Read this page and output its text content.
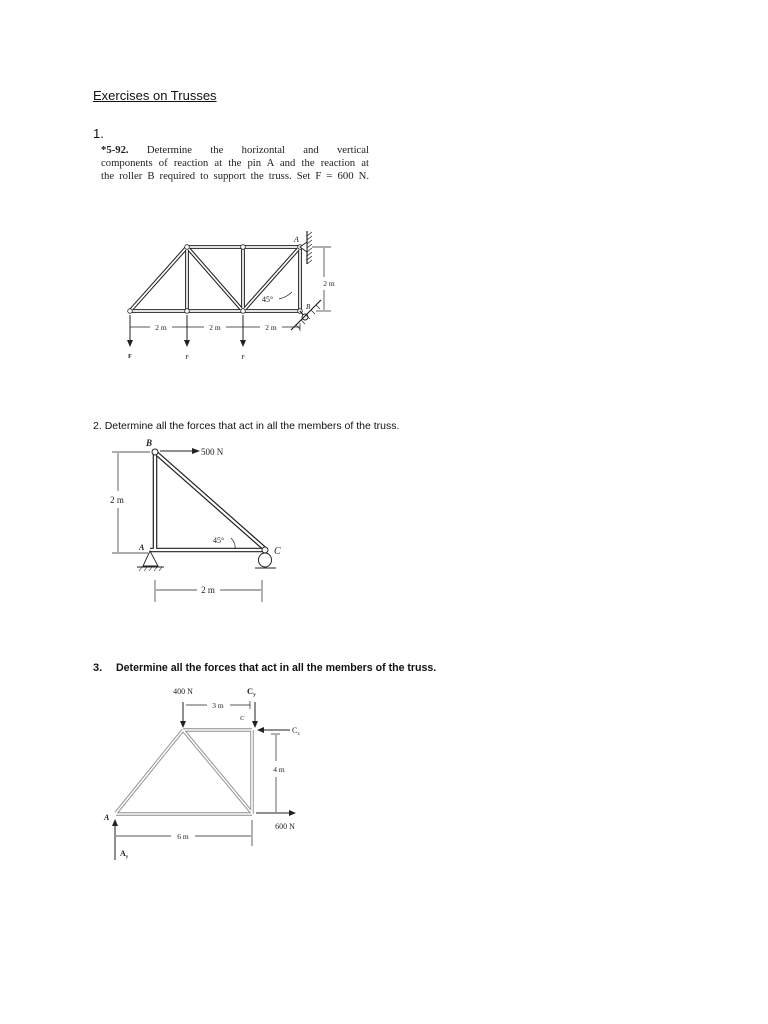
Exercises on Trusses
1.
*5-92. Determine the horizontal and vertical
components of reaction at the pin A and the reaction at
the roller B required to support the truss. Set F = 600 N.
A
B
45°
2 m
2 m	2 m	2 m
F	F	F
2. Determine all the forces that act in all the members of the truss.
B
500 N
2 m
45°
A	C
2 m
3. Determine all the forces that act in all the members of the truss.
400 N	$C_y$
3 m
C
$C_x$
4 m
600 N
A
6 m
$A_y$
